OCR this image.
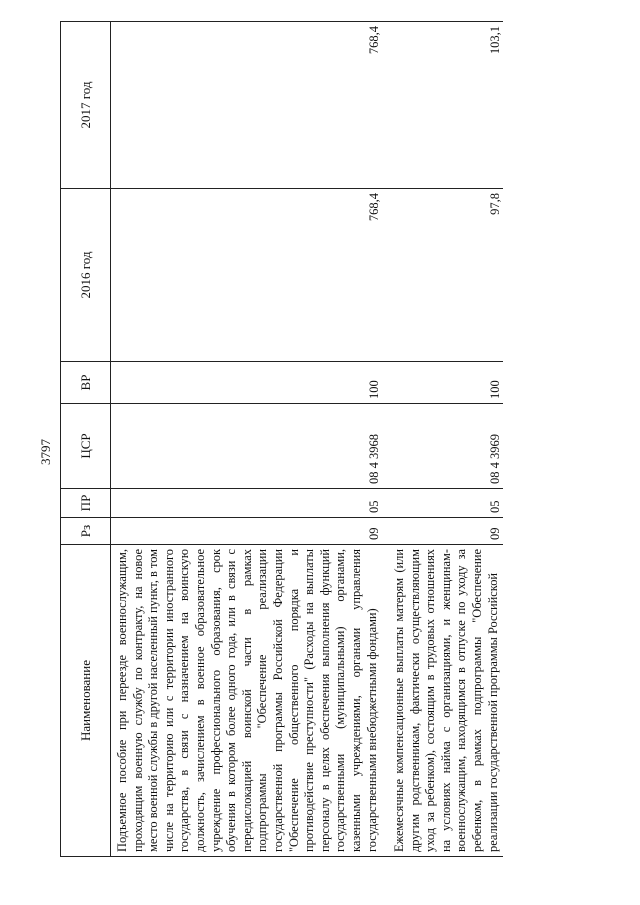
3797
Наименование	Рз	ПР	ЦСР	ВР	2016 год	2017 год
Подъемное пособие при переезде военнослужащим, проходящим военную службу по контракту, на новое место военной службы в другой населенный пункт, в том числе на территорию или с территории иностранного государства, в связи с назначением на воинскую должность, зачислением в военное образовательное учреждение профессионального образования, срок обучения в котором более одного года, или в связи с передислокацией воинской части в рамках подпрограммы "Обеспечение реализации государственной программы Российской Федерации "Обеспечение общественного порядка и противодействие преступности" (Расходы на выплаты персоналу в целях обеспечения выполнения функций государственными (муниципальными) органами, казенными учреждениями, органами управления государственными внебюджетными фондами)	09	05	08 4 3968	100	768,4	768,4
Ежемесячные компенсационные выплаты матерям (или другим родственникам, фактически осуществляющим уход за ребенком), состоящим в трудовых отношениях на условиях найма с организациями, и женщинам-военнослужащим, находящимся в отпуске по уходу за ребенком, в рамках подпрограммы "Обеспечение реализации государственной программы Российской	09	05	08 4 3969	100	97,8	103,1
